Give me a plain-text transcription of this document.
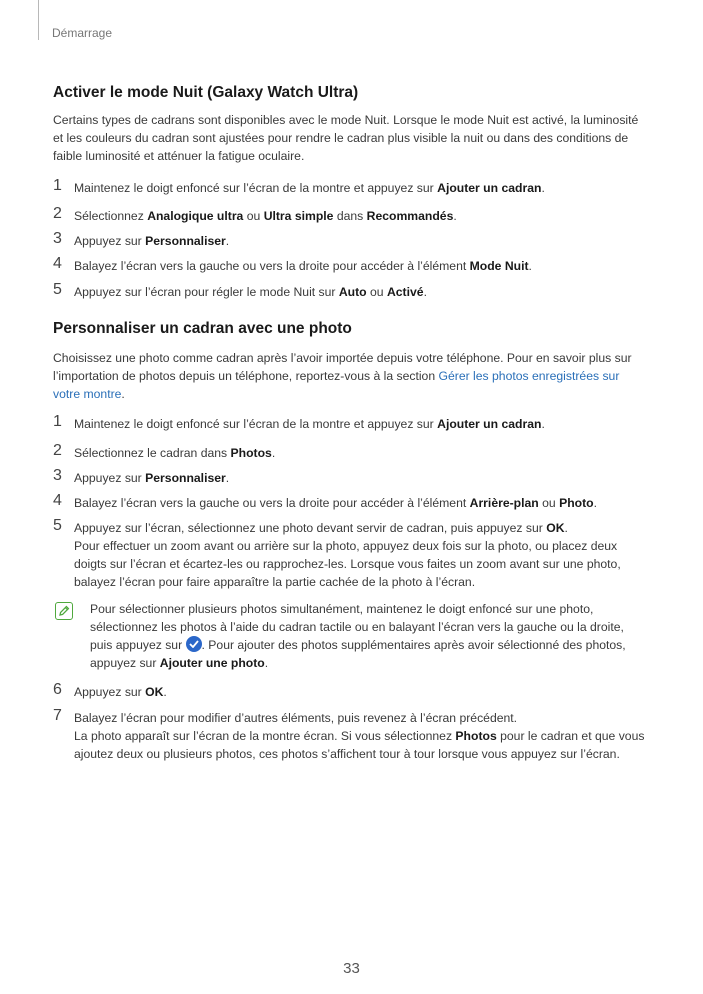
Démarrage
Activer le mode Nuit (Galaxy Watch Ultra)
Certains types de cadrans sont disponibles avec le mode Nuit. Lorsque le mode Nuit est activé, la luminosité
et les couleurs du cadran sont ajustées pour rendre le cadran plus visible la nuit ou dans des conditions de
faible luminosité et atténuer la fatigue oculaire.
1 Maintenez le doigt enfoncé sur l’écran de la montre et appuyez sur Ajouter un cadran.
2 Sélectionnez Analogique ultra ou Ultra simple dans Recommandés.
3 Appuyez sur Personnaliser.
4 Balayez l’écran vers la gauche ou vers la droite pour accéder à l’élément Mode Nuit.
5 Appuyez sur l’écran pour régler le mode Nuit sur Auto ou Activé.
Personnaliser un cadran avec une photo
Choisissez une photo comme cadran après l’avoir importée depuis votre téléphone. Pour en savoir plus sur
l’importation de photos depuis un téléphone, reportez-vous à la section Gérer les photos enregistrées sur
votre montre.
1 Maintenez le doigt enfoncé sur l’écran de la montre et appuyez sur Ajouter un cadran.
2 Sélectionnez le cadran dans Photos.
3 Appuyez sur Personnaliser.
4 Balayez l’écran vers la gauche ou vers la droite pour accéder à l’élément Arrière-plan ou Photo.
5 Appuyez sur l’écran, sélectionnez une photo devant servir de cadran, puis appuyez sur OK.
Pour effectuer un zoom avant ou arrière sur la photo, appuyez deux fois sur la photo, ou placez deux
doigts sur l’écran et écartez-les ou rapprochez-les. Lorsque vous faites un zoom avant sur une photo,
balayez l’écran pour faire apparaître la partie cachée de la photo à l’écran.
Pour sélectionner plusieurs photos simultanément, maintenez le doigt enfoncé sur une photo,
sélectionnez les photos à l’aide du cadran tactile ou en balayant l’écran vers la gauche ou la droite,
puis appuyez sur
. Pour ajouter des photos supplémentaires après avoir sélectionné des photos,
appuyez sur Ajouter une photo.
6 Appuyez sur OK.
7 Balayez l’écran pour modifier d’autres éléments, puis revenez à l’écran précédent.
La photo apparaît sur l’écran de la montre écran. Si vous sélectionnez Photos pour le cadran et que vous
ajoutez deux ou plusieurs photos, ces photos s’affichent tour à tour lorsque vous appuyez sur l’écran.
33
